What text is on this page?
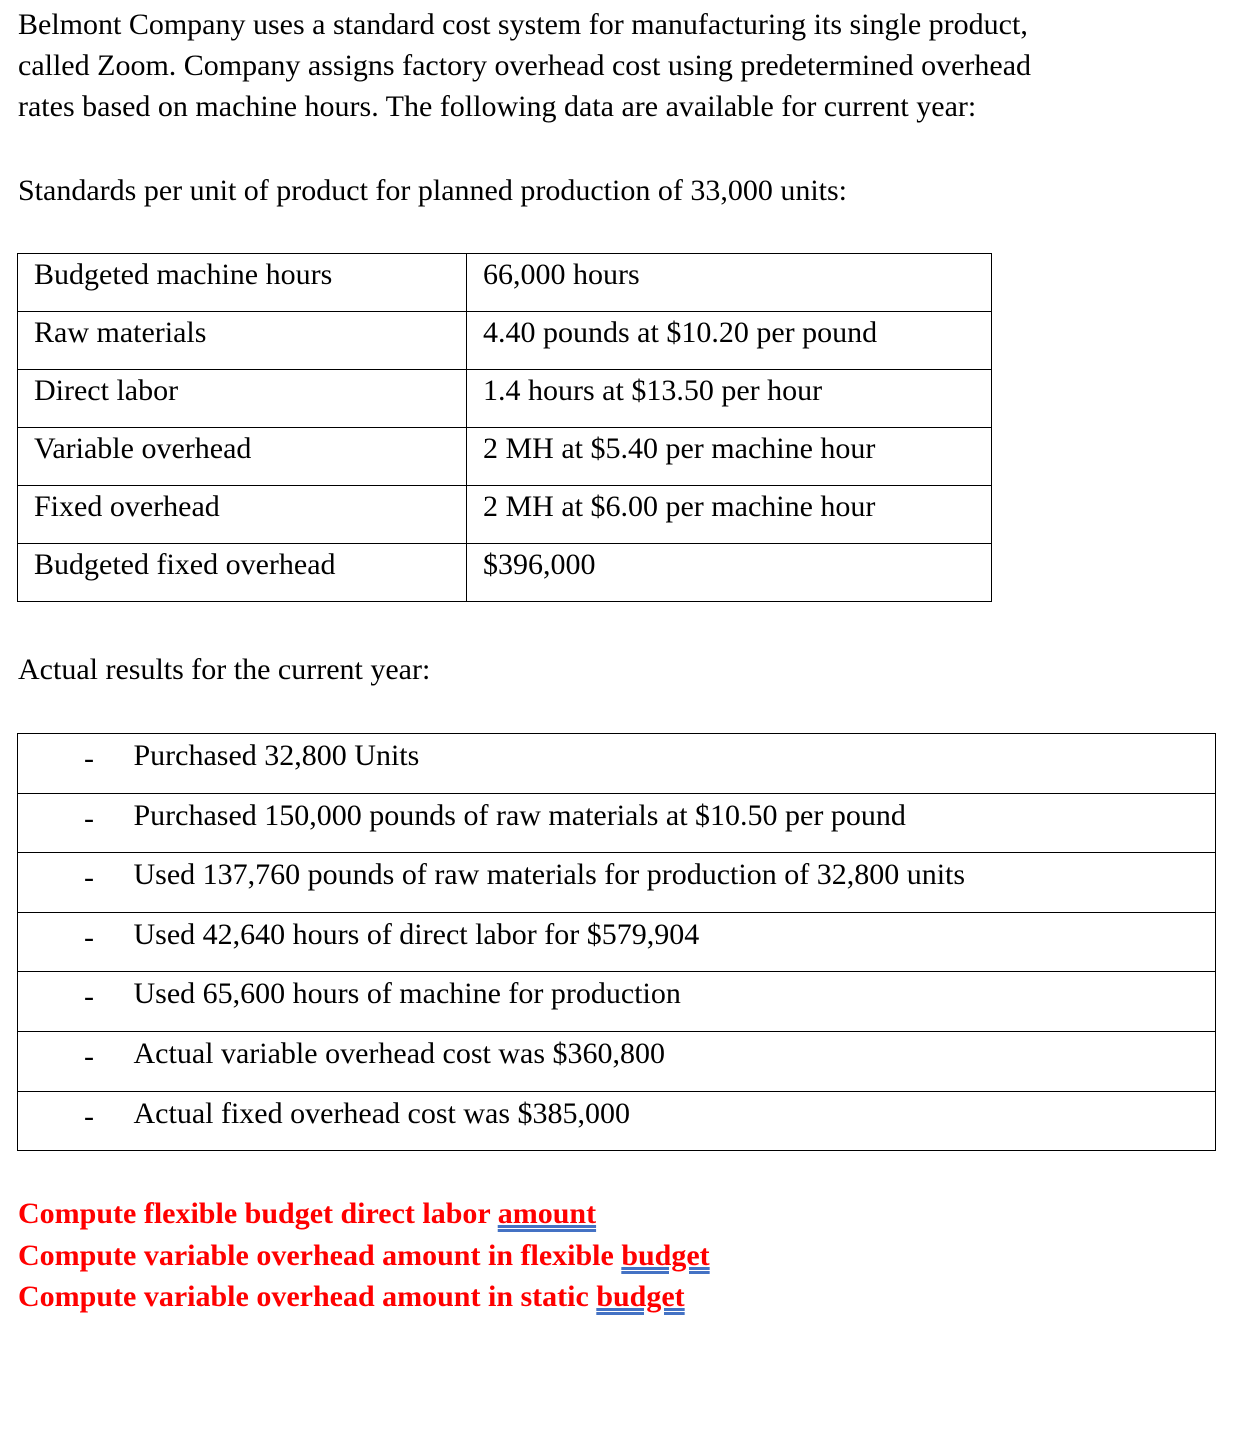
Belmont Company uses a standard cost system for manufacturing its single product,
called Zoom. Company assigns factory overhead cost using predetermined overhead
rates based on machine hours. The following data are available for current year:

Standards per unit of product for planned production of 33,000 units:

Budgeted machine hours	66,000 hours
Raw materials	4.40 pounds at $10.20 per pound
Direct labor	1.4 hours at $13.50 per hour
Variable overhead	2 MH at $5.40 per machine hour
Fixed overhead	2 MH at $6.00 per machine hour
Budgeted fixed overhead	$396,000

Actual results for the current year:

-	Purchased 32,800 Units
-	Purchased 150,000 pounds of raw materials at $10.50 per pound
-	Used 137,760 pounds of raw materials for production of 32,800 units
-	Used 42,640 hours of direct labor for $579,904
-	Used 65,600 hours of machine for production
-	Actual variable overhead cost was $360,800
-	Actual fixed overhead cost was $385,000
Compute flexible budget direct labor amount
Compute variable overhead amount in flexible budget
Compute variable overhead amount in static budget
